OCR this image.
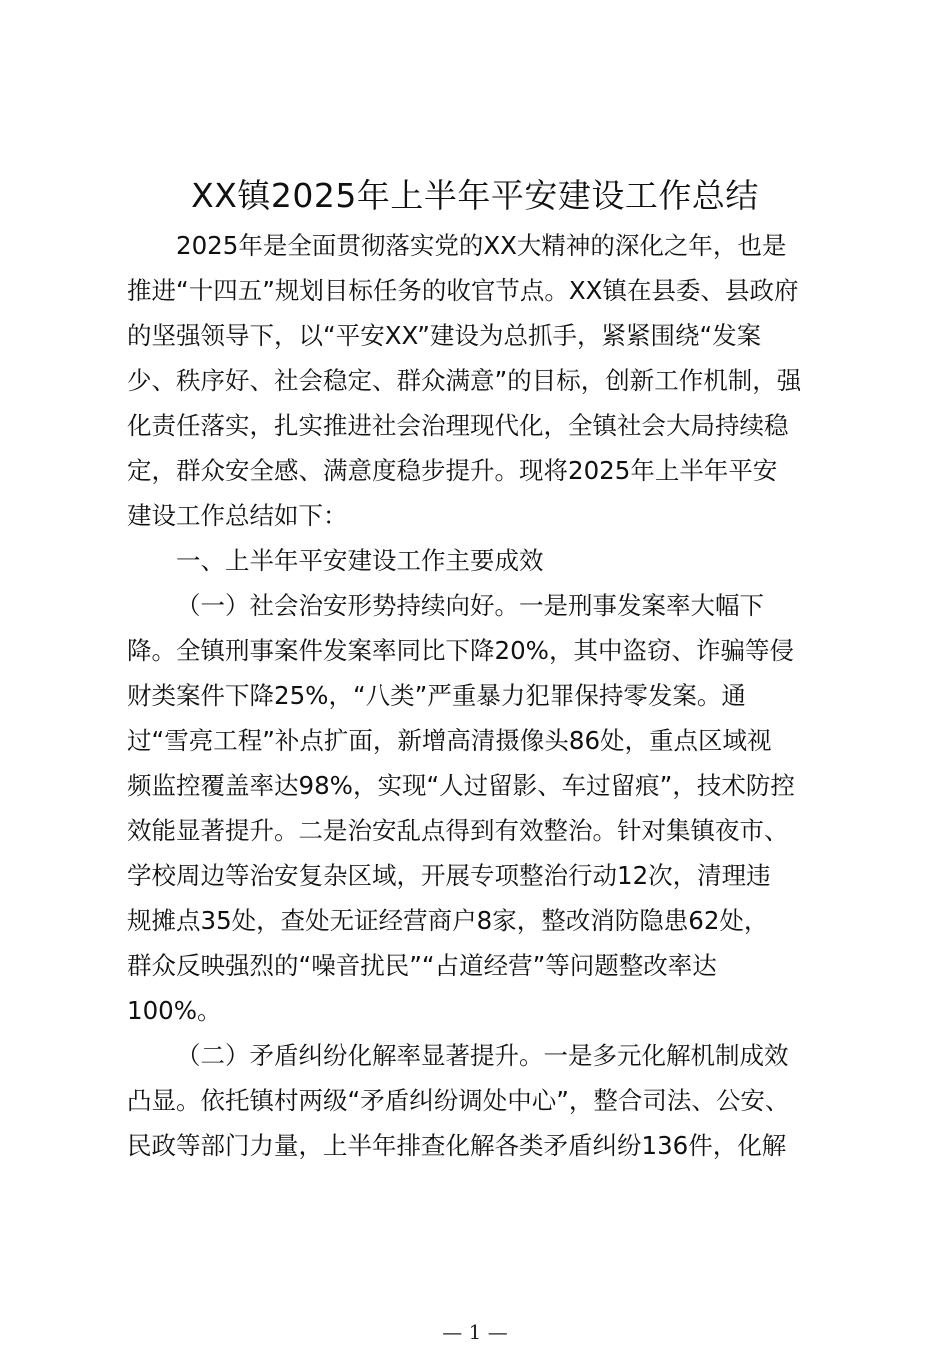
XX镇2025年上半年平安建设工作总结

2025年是全面贯彻落实党的XX大精神的深化之年，也是

推进“十四五”规划目标任务的收官节点。XX镇在县委、县政府

的坚强领导下，以“平安XX”建设为总抓手，紧紧围绕“发案

少、秩序好、社会稳定、群众满意”的目标，创新工作机制，强

化责任落实，扎实推进社会治理现代化，全镇社会大局持续稳

定，群众安全感、满意度稳步提升。现将2025年上半年平安

建设工作总结如下：

一、上半年平安建设工作主要成效

（一）社会治安形势持续向好。一是刑事发案率大幅下

降。全镇刑事案件发案率同比下降20%，其中盗窃、诈骗等侵

财类案件下降25%，“八类”严重暴力犯罪保持零发案。通

过“雪亮工程”补点扩面，新增高清摄像头86处，重点区域视

频监控覆盖率达98%，实现“人过留影、车过留痕”，技术防控

效能显著提升。二是治安乱点得到有效整治。针对集镇夜市、

学校周边等治安复杂区域，开展专项整治行动12次，清理违

规摊点35处，查处无证经营商户8家，整改消防隐患62处，

群众反映强烈的“噪音扰民”“占道经营”等问题整改率达

100%。

（二）矛盾纠纷化解率显著提升。一是多元化解机制成效

凸显。依托镇村两级“矛盾纠纷调处中心”，整合司法、公安、

民政等部门力量，上半年排查化解各类矛盾纠纷136件，化解

— 1 —
